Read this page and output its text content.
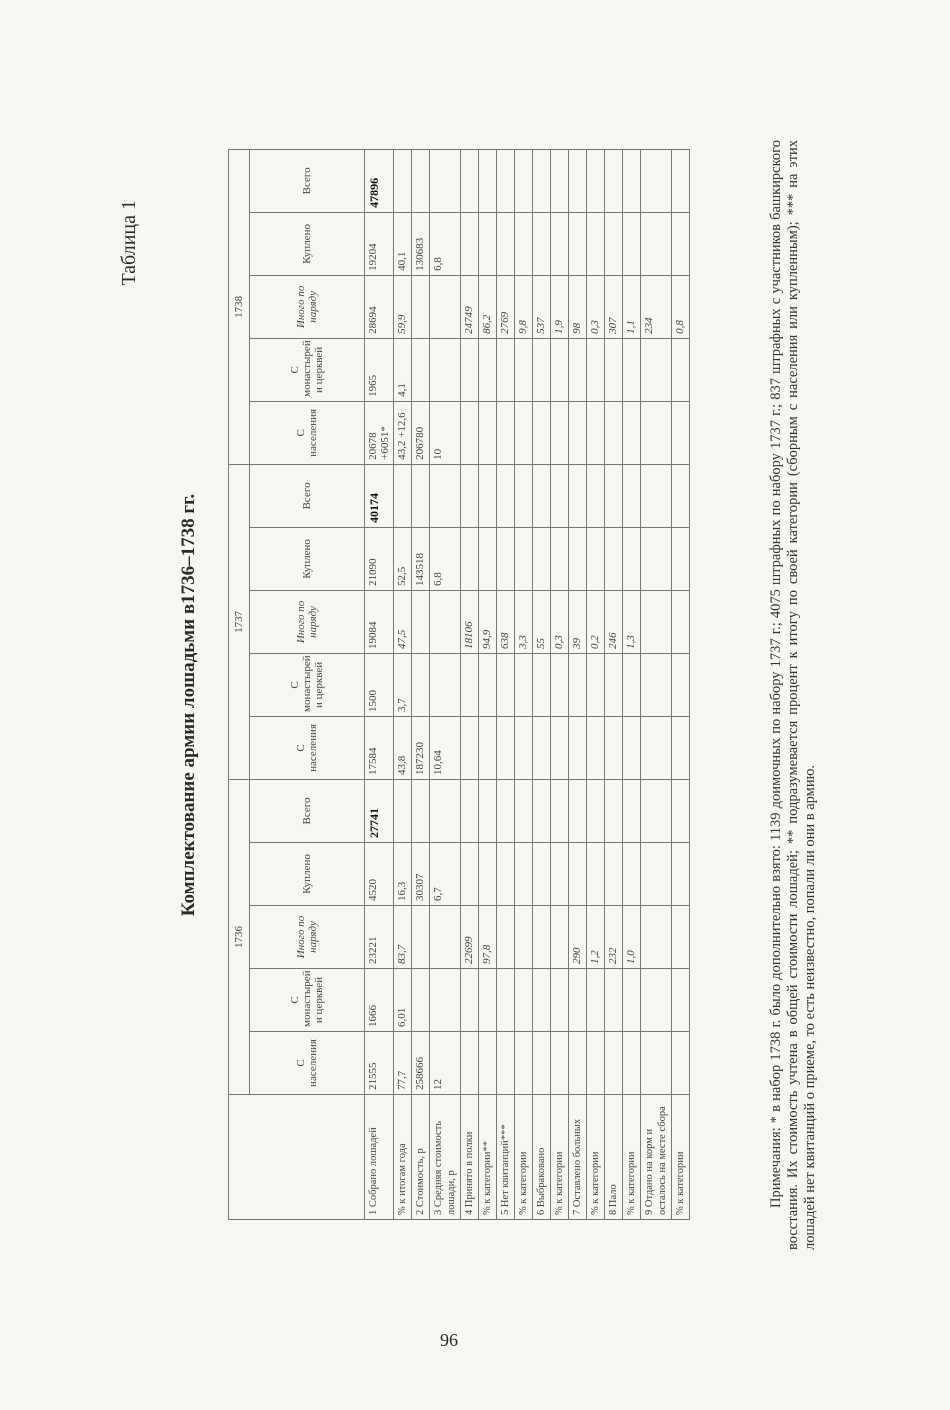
96
Таблица 1
Комплектование армии лошадьми в1736–1738 гг.
	1736					1737					1738				
	С населения	С монастырей и церквей	Иного по наряду	Куплено	Всего	С населения	С монастырей и церквей	Иного по наряду	Куплено	Всего	С населения	С монастырей и церквей	Иного по наряду	Куплено	Всего
1 Собрано лошадей	21555	1666	23221	4520	27741	17584	1500	19084	21090	40174	20678 +6051*	1965	28694	19204	47896
% к итогам года	77,7	6,01	83,7	16,3		43,8	3,7	47,5	52,5		43,2 +12,6	4,1	59,9	40,1	
2 Стоимость, р	258666			30307		187230			143518		206780			130683	
3 Средняя стоимость лошади, р	12			6,7		10,64			6,8		10			6,8	
4 Принято в полки			22699					18106					24749		
% к категории**			97,8					94,9					86,2		
5 Нет квитанций***								638					2769		
% к категории								3,3					9,8		
6 Выбраковано								55					537		
% к категории								0,3					1,9		
7 Оставлено больных			290					39					98		
% к категории			1,2					0,2					0,3		
8 Пало			232					246					307		
% к категории			1,0					1,3					1,1		
9 Отдано на корм и осталось на месте сбора													234		
% к категории													0,8			Примечания: * в набор 1738 г. было дополнительно взято: 1139 доимочных по набору 1737 г.; 4075 штрафных по набору 1737 г.; 837 штрафных с участников башкирского восстания. Их стоимость учтена в общей стоимости лошадей; ** подразумевается процент к итогу по своей категории (сборным с населения или купленным); *** на этих лошадей нет квитанций о приеме, то есть неизвестно, попали ли они в армию.
